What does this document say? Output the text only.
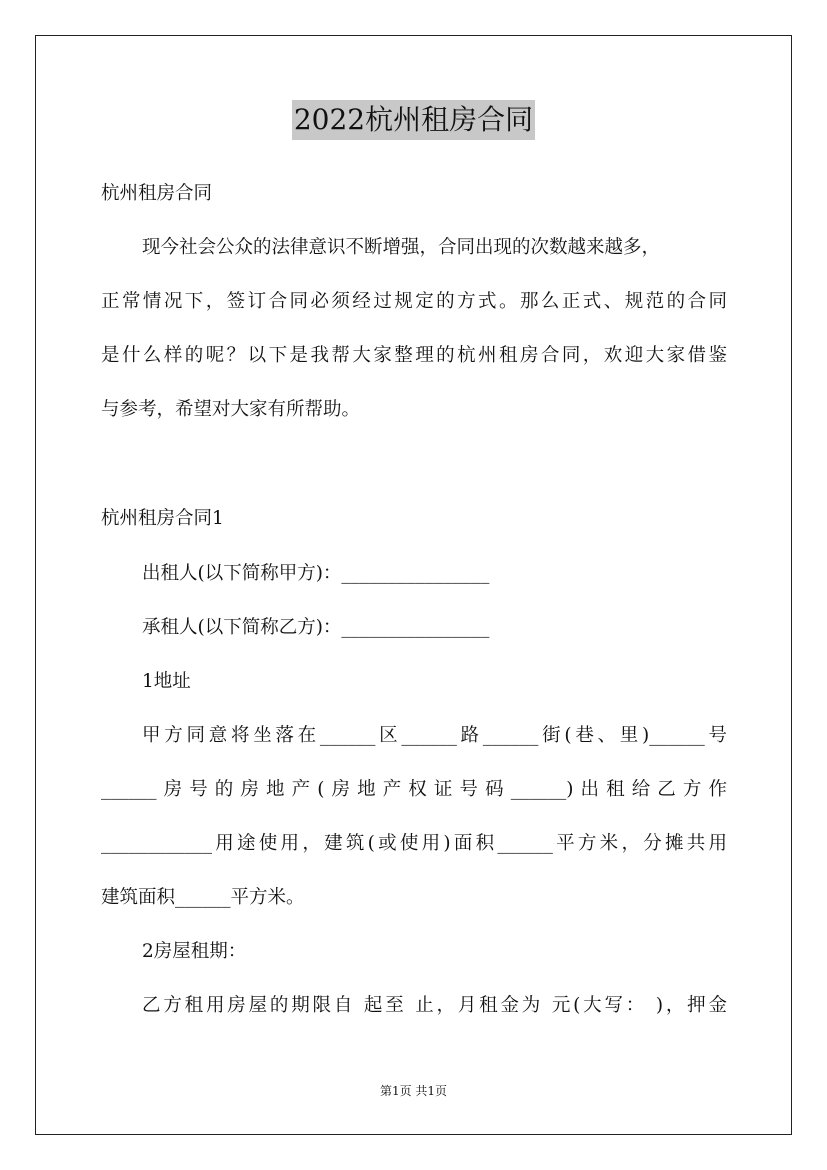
2022杭州租房合同
杭州租房合同
现今社会公众的法律意识不断增强，合同出现的次数越来越多，
正常情况下，签订合同必须经过规定的方式。那么正式、规范的合同
是什么样的呢？以下是我帮大家整理的杭州租房合同，欢迎大家借鉴
与参考，希望对大家有所帮助。
杭州租房合同1
出租人(以下简称甲方)：________________
承租人(以下简称乙方)：________________
1地址
甲方同意将坐落在______区______路______街(巷、里)______号
______房号的房地产(房地产权证号码______)出租给乙方作
____________用途使用，建筑(或使用)面积______平方米，分摊共用
建筑面积______平方米。
2房屋租期：
乙方租用房屋的期限自 起至 止，月租金为 元(大写： )，押金
第1页 共1页
